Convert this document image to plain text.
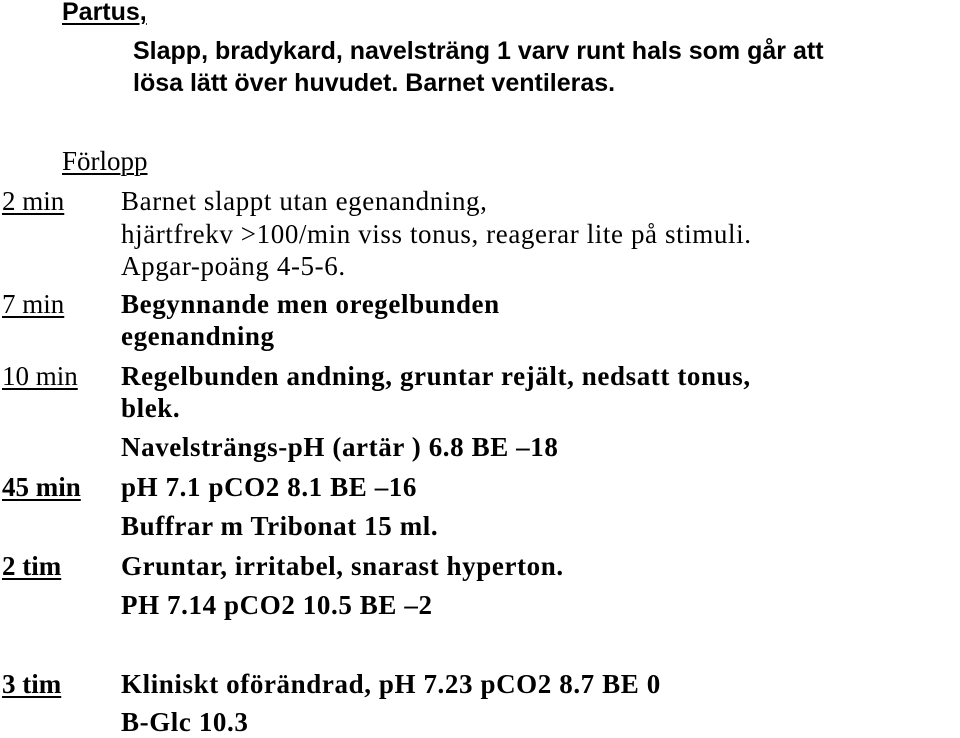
Partus,
Slapp, bradykard, navelsträng 1 varv runt hals som går att
lösa lätt över huvudet. Barnet ventileras.
Förlopp
2 min Barnet slappt utan egenandning,
hjärtfrekv >100/min viss tonus, reagerar lite på stimuli.
Apgar-poäng 4-5-6.
7 min Begynnande men oregelbunden
egenandning
10 min Regelbunden andning, gruntar rejält, nedsatt tonus,
blek.
Navelsträngs-pH (artär ) 6.8 BE –18
45 min pH 7.1 pCO2 8.1 BE –16
Buffrar m Tribonat 15 ml.
2 tim Gruntar, irritabel, snarast hyperton.
PH 7.14 pCO2 10.5 BE –2
3 tim Kliniskt oförändrad, pH 7.23 pCO2 8.7 BE 0
B-Glc 10.3
